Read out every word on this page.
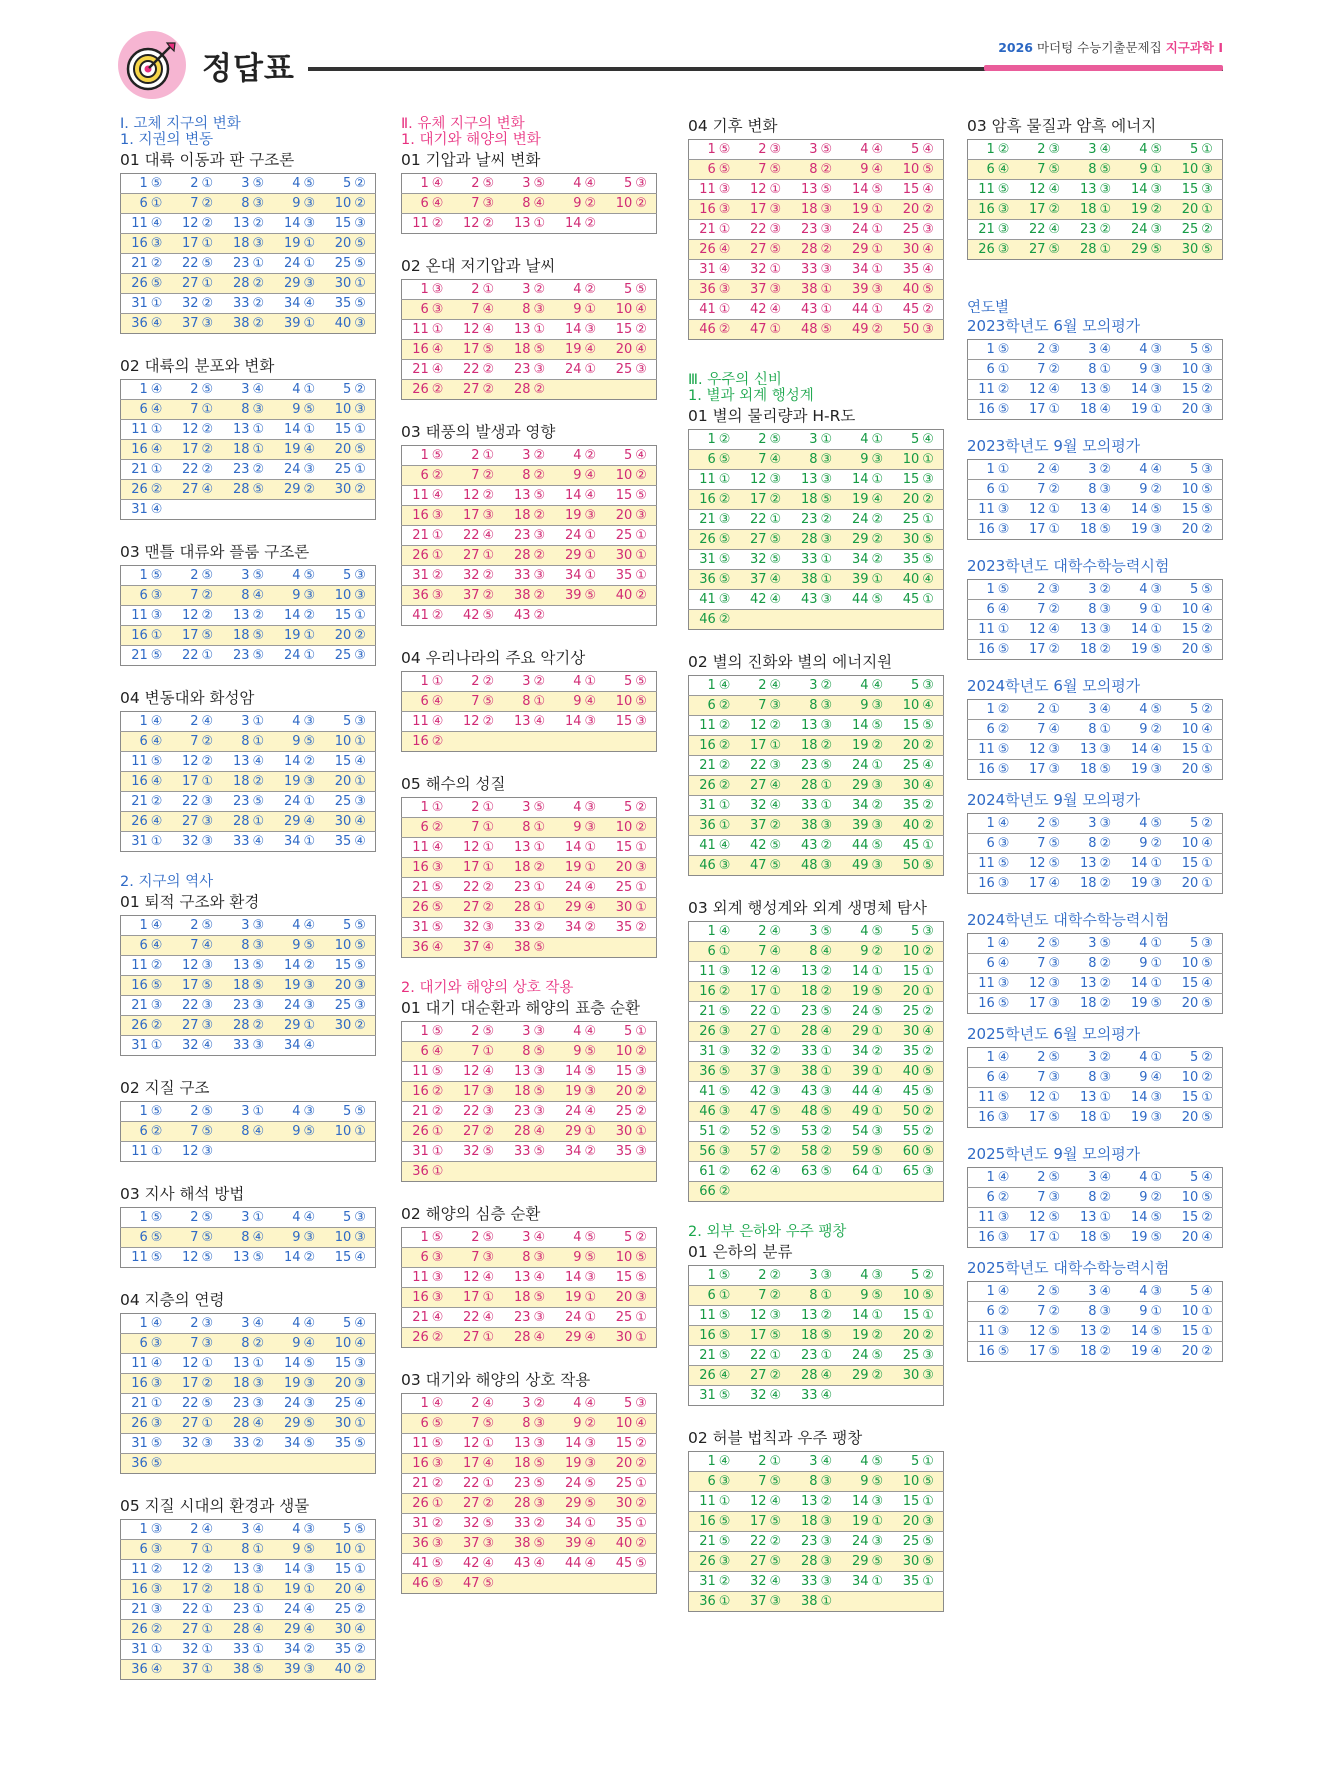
정답표
2026 마더텅 수능기출문제집 지구과학 Ⅰ
Ⅰ. 고체 지구의 변화
1. 지권의 변동
01 대륙 이동과 판 구조론
1 ⑤	2 ①	3 ⑤	4 ⑤	5 ②
6 ①	7 ②	8 ③	9 ③	10 ②
11 ④	12 ②	13 ②	14 ③	15 ③
16 ③	17 ①	18 ③	19 ①	20 ⑤
21 ②	22 ⑤	23 ①	24 ①	25 ⑤
26 ⑤	27 ①	28 ②	29 ③	30 ①
31 ①	32 ②	33 ②	34 ④	35 ⑤
36 ④	37 ③	38 ②	39 ①	40 ③
02 대륙의 분포와 변화
1 ④	2 ⑤	3 ④	4 ①	5 ②
6 ④	7 ①	8 ③	9 ⑤	10 ③
11 ①	12 ②	13 ①	14 ①	15 ①
16 ④	17 ②	18 ①	19 ④	20 ⑤
21 ①	22 ②	23 ②	24 ③	25 ①
26 ②	27 ④	28 ⑤	29 ②	30 ②
31 ④				
03 맨틀 대류와 플룸 구조론
1 ⑤	2 ⑤	3 ⑤	4 ⑤	5 ③
6 ③	7 ②	8 ④	9 ③	10 ③
11 ③	12 ②	13 ②	14 ②	15 ①
16 ①	17 ⑤	18 ⑤	19 ①	20 ②
21 ⑤	22 ①	23 ⑤	24 ①	25 ③
04 변동대와 화성암
1 ④	2 ④	3 ①	4 ③	5 ③
6 ④	7 ②	8 ①	9 ⑤	10 ①
11 ⑤	12 ②	13 ④	14 ②	15 ④
16 ④	17 ①	18 ②	19 ③	20 ①
21 ②	22 ③	23 ⑤	24 ①	25 ③
26 ④	27 ③	28 ①	29 ④	30 ④
31 ①	32 ③	33 ④	34 ①	35 ④
2. 지구의 역사
01 퇴적 구조와 환경
1 ④	2 ⑤	3 ③	4 ④	5 ⑤
6 ④	7 ④	8 ③	9 ⑤	10 ⑤
11 ②	12 ③	13 ⑤	14 ②	15 ⑤
16 ⑤	17 ⑤	18 ⑤	19 ③	20 ③
21 ③	22 ③	23 ③	24 ③	25 ③
26 ②	27 ③	28 ②	29 ①	30 ②
31 ①	32 ④	33 ③	34 ④	
02 지질 구조
1 ⑤	2 ⑤	3 ①	4 ③	5 ⑤
6 ②	7 ⑤	8 ④	9 ⑤	10 ①
11 ①	12 ③			
03 지사 해석 방법
1 ⑤	2 ⑤	3 ①	4 ④	5 ③
6 ⑤	7 ⑤	8 ④	9 ③	10 ③
11 ⑤	12 ⑤	13 ⑤	14 ②	15 ④
04 지층의 연령
1 ④	2 ③	3 ④	4 ④	5 ④
6 ③	7 ③	8 ②	9 ④	10 ④
11 ④	12 ①	13 ①	14 ⑤	15 ③
16 ③	17 ②	18 ③	19 ③	20 ③
21 ①	22 ⑤	23 ③	24 ③	25 ④
26 ③	27 ①	28 ④	29 ⑤	30 ①
31 ⑤	32 ③	33 ②	34 ⑤	35 ⑤
36 ⑤				
05 지질 시대의 환경과 생물
1 ③	2 ④	3 ④	4 ③	5 ⑤
6 ③	7 ①	8 ①	9 ⑤	10 ①
11 ②	12 ②	13 ③	14 ③	15 ①
16 ③	17 ②	18 ①	19 ①	20 ④
21 ③	22 ①	23 ①	24 ④	25 ②
26 ②	27 ①	28 ④	29 ④	30 ④
31 ①	32 ①	33 ①	34 ②	35 ②
36 ④	37 ①	38 ⑤	39 ③	40 ②
Ⅱ. 유체 지구의 변화
1. 대기와 해양의 변화
01 기압과 날씨 변화
1 ④	2 ⑤	3 ⑤	4 ④	5 ③
6 ④	7 ③	8 ④	9 ②	10 ②
11 ②	12 ②	13 ①	14 ②	
02 온대 저기압과 날씨
1 ③	2 ①	3 ②	4 ②	5 ⑤
6 ③	7 ④	8 ③	9 ①	10 ④
11 ①	12 ④	13 ①	14 ③	15 ②
16 ④	17 ⑤	18 ⑤	19 ④	20 ④
21 ④	22 ②	23 ③	24 ①	25 ③
26 ②	27 ②	28 ②		
03 태풍의 발생과 영향
1 ⑤	2 ①	3 ②	4 ②	5 ④
6 ②	7 ②	8 ②	9 ④	10 ②
11 ④	12 ②	13 ⑤	14 ④	15 ⑤
16 ③	17 ③	18 ②	19 ③	20 ③
21 ①	22 ④	23 ③	24 ①	25 ①
26 ①	27 ①	28 ②	29 ①	30 ①
31 ②	32 ②	33 ③	34 ①	35 ①
36 ③	37 ②	38 ②	39 ⑤	40 ②
41 ②	42 ⑤	43 ②		
04 우리나라의 주요 악기상
1 ①	2 ②	3 ②	4 ①	5 ⑤
6 ④	7 ⑤	8 ①	9 ④	10 ⑤
11 ④	12 ②	13 ④	14 ③	15 ③
16 ②				
05 해수의 성질
1 ①	2 ①	3 ⑤	4 ③	5 ②
6 ②	7 ①	8 ①	9 ③	10 ②
11 ④	12 ①	13 ①	14 ①	15 ①
16 ③	17 ①	18 ②	19 ①	20 ③
21 ⑤	22 ②	23 ①	24 ④	25 ①
26 ⑤	27 ②	28 ①	29 ④	30 ①
31 ⑤	32 ③	33 ②	34 ②	35 ②
36 ④	37 ④	38 ⑤		
2. 대기와 해양의 상호 작용
01 대기 대순환과 해양의 표층 순환
1 ⑤	2 ⑤	3 ③	4 ④	5 ①
6 ④	7 ①	8 ⑤	9 ⑤	10 ②
11 ⑤	12 ④	13 ③	14 ⑤	15 ③
16 ②	17 ③	18 ⑤	19 ③	20 ②
21 ②	22 ③	23 ③	24 ④	25 ②
26 ①	27 ②	28 ④	29 ①	30 ①
31 ①	32 ⑤	33 ⑤	34 ②	35 ③
36 ①				
02 해양의 심층 순환
1 ⑤	2 ⑤	3 ④	4 ⑤	5 ②
6 ③	7 ③	8 ③	9 ⑤	10 ⑤
11 ③	12 ④	13 ④	14 ③	15 ⑤
16 ③	17 ①	18 ⑤	19 ①	20 ③
21 ④	22 ④	23 ③	24 ①	25 ①
26 ②	27 ①	28 ④	29 ④	30 ①
03 대기와 해양의 상호 작용
1 ④	2 ④	3 ②	4 ④	5 ③
6 ⑤	7 ⑤	8 ③	9 ②	10 ④
11 ⑤	12 ①	13 ③	14 ③	15 ②
16 ③	17 ④	18 ⑤	19 ③	20 ②
21 ②	22 ①	23 ⑤	24 ⑤	25 ①
26 ①	27 ②	28 ③	29 ⑤	30 ②
31 ②	32 ⑤	33 ②	34 ①	35 ①
36 ③	37 ③	38 ⑤	39 ④	40 ②
41 ⑤	42 ④	43 ④	44 ④	45 ⑤
46 ⑤	47 ⑤			
04 기후 변화
1 ⑤	2 ③	3 ⑤	4 ④	5 ④
6 ⑤	7 ⑤	8 ②	9 ④	10 ⑤
11 ③	12 ①	13 ⑤	14 ⑤	15 ④
16 ③	17 ③	18 ③	19 ①	20 ②
21 ①	22 ③	23 ③	24 ①	25 ③
26 ④	27 ⑤	28 ②	29 ①	30 ④
31 ④	32 ①	33 ③	34 ①	35 ④
36 ③	37 ③	38 ①	39 ③	40 ⑤
41 ①	42 ④	43 ①	44 ①	45 ②
46 ②	47 ①	48 ⑤	49 ②	50 ③
Ⅲ. 우주의 신비
1. 별과 외계 행성계
01 별의 물리량과 H-R도
1 ②	2 ⑤	3 ①	4 ①	5 ④
6 ⑤	7 ④	8 ③	9 ③	10 ①
11 ①	12 ③	13 ③	14 ①	15 ③
16 ②	17 ②	18 ⑤	19 ④	20 ②
21 ③	22 ①	23 ②	24 ②	25 ①
26 ⑤	27 ⑤	28 ③	29 ②	30 ⑤
31 ⑤	32 ⑤	33 ①	34 ②	35 ⑤
36 ⑤	37 ④	38 ①	39 ①	40 ④
41 ③	42 ④	43 ③	44 ⑤	45 ①
46 ②				
02 별의 진화와 별의 에너지원
1 ④	2 ④	3 ②	4 ④	5 ③
6 ②	7 ③	8 ③	9 ③	10 ④
11 ②	12 ②	13 ③	14 ⑤	15 ⑤
16 ②	17 ①	18 ②	19 ②	20 ②
21 ②	22 ③	23 ⑤	24 ①	25 ④
26 ②	27 ④	28 ①	29 ③	30 ④
31 ①	32 ④	33 ①	34 ②	35 ②
36 ①	37 ②	38 ③	39 ③	40 ②
41 ④	42 ⑤	43 ②	44 ⑤	45 ①
46 ③	47 ⑤	48 ③	49 ③	50 ⑤
03 외계 행성계와 외계 생명체 탐사
1 ④	2 ④	3 ⑤	4 ⑤	5 ③
6 ①	7 ④	8 ④	9 ②	10 ②
11 ③	12 ④	13 ②	14 ①	15 ①
16 ②	17 ①	18 ②	19 ⑤	20 ①
21 ⑤	22 ①	23 ⑤	24 ⑤	25 ②
26 ③	27 ①	28 ④	29 ①	30 ④
31 ③	32 ②	33 ①	34 ②	35 ②
36 ⑤	37 ③	38 ①	39 ①	40 ⑤
41 ⑤	42 ③	43 ③	44 ④	45 ⑤
46 ③	47 ⑤	48 ⑤	49 ①	50 ②
51 ②	52 ⑤	53 ②	54 ③	55 ②
56 ③	57 ②	58 ②	59 ⑤	60 ⑤
61 ②	62 ④	63 ⑤	64 ①	65 ③
66 ②				
2. 외부 은하와 우주 팽창
01 은하의 분류
1 ⑤	2 ②	3 ③	4 ③	5 ②
6 ①	7 ②	8 ①	9 ⑤	10 ⑤
11 ⑤	12 ③	13 ②	14 ①	15 ①
16 ⑤	17 ⑤	18 ⑤	19 ②	20 ②
21 ⑤	22 ①	23 ①	24 ⑤	25 ③
26 ④	27 ②	28 ④	29 ②	30 ③
31 ⑤	32 ④	33 ④		
02 허블 법칙과 우주 팽창
1 ④	2 ①	3 ④	4 ⑤	5 ①
6 ③	7 ⑤	8 ③	9 ⑤	10 ⑤
11 ①	12 ④	13 ②	14 ③	15 ①
16 ⑤	17 ⑤	18 ③	19 ①	20 ③
21 ⑤	22 ②	23 ③	24 ③	25 ⑤
26 ③	27 ⑤	28 ③	29 ⑤	30 ⑤
31 ②	32 ④	33 ③	34 ①	35 ①
36 ①	37 ③	38 ①		
03 암흑 물질과 암흑 에너지
1 ②	2 ③	3 ④	4 ⑤	5 ①
6 ④	7 ⑤	8 ⑤	9 ①	10 ③
11 ⑤	12 ④	13 ③	14 ③	15 ③
16 ③	17 ②	18 ①	19 ②	20 ①
21 ③	22 ④	23 ②	24 ③	25 ②
26 ③	27 ⑤	28 ①	29 ⑤	30 ⑤
연도별
2023학년도 6월 모의평가
1 ⑤	2 ③	3 ④	4 ③	5 ⑤
6 ①	7 ②	8 ①	9 ③	10 ③
11 ②	12 ④	13 ⑤	14 ③	15 ②
16 ⑤	17 ①	18 ④	19 ①	20 ③
2023학년도 9월 모의평가
1 ①	2 ④	3 ②	4 ④	5 ③
6 ①	7 ②	8 ③	9 ②	10 ⑤
11 ③	12 ①	13 ④	14 ⑤	15 ⑤
16 ③	17 ①	18 ⑤	19 ③	20 ②
2023학년도 대학수학능력시험
1 ⑤	2 ③	3 ②	4 ③	5 ⑤
6 ④	7 ②	8 ③	9 ①	10 ④
11 ①	12 ④	13 ③	14 ①	15 ②
16 ⑤	17 ②	18 ②	19 ⑤	20 ⑤
2024학년도 6월 모의평가
1 ②	2 ①	3 ④	4 ⑤	5 ②
6 ②	7 ④	8 ①	9 ②	10 ④
11 ⑤	12 ③	13 ③	14 ④	15 ①
16 ⑤	17 ③	18 ⑤	19 ③	20 ⑤
2024학년도 9월 모의평가
1 ④	2 ⑤	3 ③	4 ⑤	5 ②
6 ③	7 ⑤	8 ②	9 ②	10 ④
11 ⑤	12 ⑤	13 ②	14 ①	15 ①
16 ③	17 ④	18 ②	19 ③	20 ①
2024학년도 대학수학능력시험
1 ④	2 ⑤	3 ⑤	4 ①	5 ③
6 ④	7 ③	8 ②	9 ①	10 ⑤
11 ③	12 ③	13 ②	14 ①	15 ④
16 ⑤	17 ③	18 ②	19 ⑤	20 ⑤
2025학년도 6월 모의평가
1 ④	2 ⑤	3 ②	4 ①	5 ②
6 ④	7 ③	8 ③	9 ④	10 ②
11 ⑤	12 ①	13 ①	14 ③	15 ①
16 ③	17 ⑤	18 ①	19 ③	20 ⑤
2025학년도 9월 모의평가
1 ④	2 ⑤	3 ④	4 ①	5 ④
6 ②	7 ③	8 ②	9 ②	10 ⑤
11 ③	12 ⑤	13 ①	14 ⑤	15 ②
16 ③	17 ①	18 ⑤	19 ⑤	20 ④
2025학년도 대학수학능력시험
1 ④	2 ⑤	3 ④	4 ③	5 ④
6 ②	7 ②	8 ③	9 ①	10 ①
11 ③	12 ⑤	13 ②	14 ⑤	15 ①
16 ⑤	17 ⑤	18 ②	19 ④	20 ②
